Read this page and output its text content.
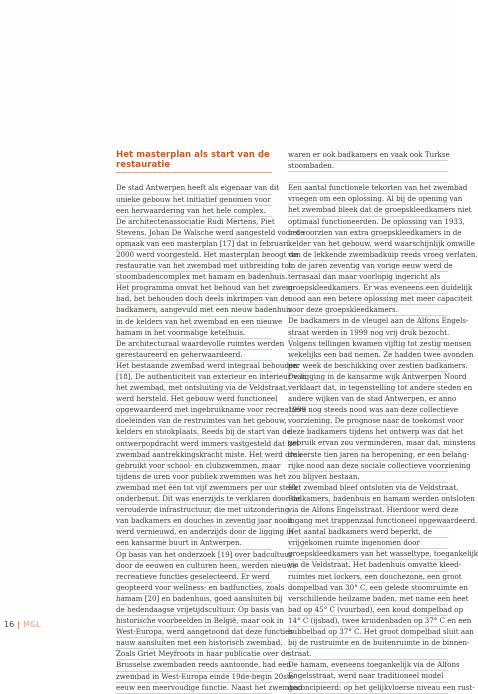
Het masterplan als start van de
restauratie
De stad Antwerpen heeft als eigenaar van dit
unieke gebouw het initiatief genomen voor
een herwaardering van het hele complex.
De architectenassociatie Rudi Mertens, Piet
Stevens, Johan De Walsche werd aangesteld voor de
opmaak van een masterplan [17] dat in februari
2000 werd voorgesteld. Het masterplan beoogt de
restauratie van het zwembad met uitbreiding tot
stoombadencomplex met hamam en badenhuis.
Het programma omvat het behoud van het zwem-
bad, het behouden doch deels inkrimpen van de
badkamers, aangevuld met een nieuw badenhuis
in de kelders van het zwembad en een nieuwe
hamam in het voormalige ketelhuis.
De architecturaal waardevolle ruimtes werden
gerestaureerd en geherwaardeerd.
Het bestaande zwembad werd integraal behouden
[18]. De authenticiteit van exterieur en interieur van
het zwembad, met ontsluiting via de Veldstraat,
werd hersteld. Het gebouw werd functioneel
opgewaardeerd met ingebruikname voor recreatieve
doeleinden van de restruimtes van het gebouw,
kelders en stookplaats. Reeds bij de start van de
ontwerpopdracht werd immers vastgesteld dat het
zwembad aantrekkingskracht miste. Het werd druk
gebruikt voor school- en clubzwemmen, maar
tijdens de uren voor publiek zwemmen was het
zwembad met één tot vijf zwemmers per uur sterk
onderbenut. Dit was enerzijds te verklaren door de
verouderde infrastructuur, die met uitzondering
van badkamers en douches in zeventig jaar nooit
werd vernieuwd, en anderzijds door de ligging in
een kansarme buurt in Antwerpen.
Op basis van het onderzoek [19] over badcultuur
door de eeuwen en culturen heen, werden nieuwe
recreatieve functies geselecteerd. Er werd
geopteerd voor wellness- en badfuncties, zoals
hamam [20] en badenhuis, goed aansluiten bij
de hedendaagse vrijetijdscultuur. Op basis van
historische voorbeelden in België, maar ook in
West-Europa, werd aangetoond dat deze functies
nauw aansluiten met een historisch zwembad.
Zoals Griet Meyfroots in haar publicatie over de
Brusselse zwembaden reeds aantoonde, had een
zwembad in West-Europa einde 19de-begin 20ste
eeuw een meervoudige functie. Naast het zwembad
waren er ook badkamers en vaak ook Turkse
stoombaden.
Een aantal functionele tekorten van het zwembad
vroegen om een oplossing. Al bij de opening van
het zwembad bleek dat de groepskleedkamers niet
optimaal functioneerden. De oplossing van 1933,
het voorzien van extra groepskleedkamers in de
kelder van het gebouw, werd waarschijnlijk omwille
van de lekkende zwembadkuip reeds vroeg verlaten.
In de jaren zeventig van vorige eeuw werd de
terrasaal dan maar voorlopig ingericht als
groepskleedkamers. Er was eveneens een duidelijk
nood aan een betere oplossing met meer capaciteit
voor deze groepskleedkamers.
De badkamers in de vleugel aan de Alfons Engels-
straat werden in 1999 nog vrij druk bezocht.
Volgens tellingen kwamen vijftig tot zestig mensen
wekelijks een bad nemen. Ze hadden twee avonden
per week de beschikking over zestien badkamers.
De ligging in de kansarme wijk Antwerpen Noord
verklaart dat, in tegenstelling tot andere steden en
andere wijken van de stad Antwerpen, er anno
1999 nog steeds nood was aan deze collectieve
voorziening. De prognose naar de toekomst voor
deze badkamers tijdens het ontwerp was dat het
gebruik ervan zou verminderen, maar dat, minstens
de eerste tien jaren na heropening, er een belang-
rijke nood aan deze sociale collectieve voorziening
zou blijven bestaan.
Het zwembad bleef ontsloten via de Veldstraat.
Badkamers, badenhuis en hamam werden ontsloten
via de Alfons Engelsstraat. Hierdoor werd deze
ingang met trappenzaal functioneel opgewaardeerd.
Het aantal badkamers werd beperkt, de
vrijgekomen ruimte ingenomen door
groepskleedkamers van het wasseltype, toegankelijk
via de Veldstraat. Het badenhuis omvatte kleed-
ruimtes met lockers, een douchezone, een groot
dompelbad van 30° C, een gelede stoomruimte en
verschillende heilzame baden, met name een heet
bad op 45° C (vuurbad), een koud dompelbad op
14° C (ijsbad), twee kruidenbaden op 37° C en een
bubbelbad op 37° C. Het groot dompelbad sluit aan
bij de rustruimte en de buitenruimte in de binnen-
straat.
De hamam, eveneens toegankelijk via de Alfons
Engelsstraat, werd naar traditioneel model
geconcipieerd: op het gelijkvloerse niveau een rust-
16 | M&L
